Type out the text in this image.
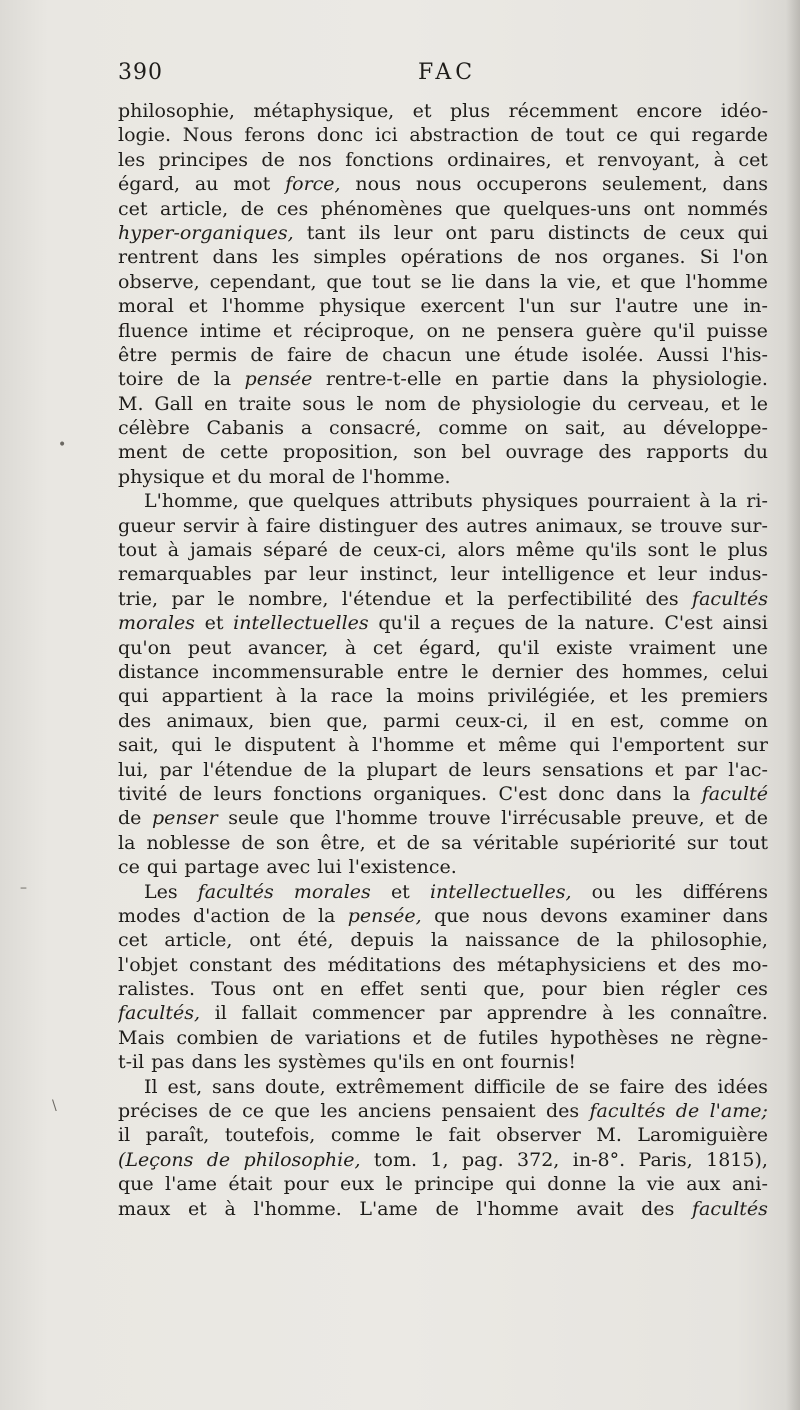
390	FAC
philosophie, métaphysique, et plus récemment encore idéo-
logie. Nous ferons donc ici abstraction de tout ce qui regarde
les principes de nos fonctions ordinaires, et renvoyant, à cet
égard, au mot force, nous nous occuperons seulement, dans
cet article, de ces phénomènes que quelques-uns ont nommés
hyper-organiques, tant ils leur ont paru distincts de ceux qui
rentrent dans les simples opérations de nos organes. Si l'on
observe, cependant, que tout se lie dans la vie, et que l'homme
moral et l'homme physique exercent l'un sur l'autre une in-
fluence intime et réciproque, on ne pensera guère qu'il puisse
être permis de faire de chacun une étude isolée. Aussi l'his-
toire de la pensée rentre-t-elle en partie dans la physiologie.
M. Gall en traite sous le nom de physiologie du cerveau, et le
célèbre Cabanis a consacré, comme on sait, au développe-
ment de cette proposition, son bel ouvrage des rapports du
physique et du moral de l'homme.
L'homme, que quelques attributs physiques pourraient à la ri-
gueur servir à faire distinguer des autres animaux, se trouve sur-
tout à jamais séparé de ceux-ci, alors même qu'ils sont le plus
remarquables par leur instinct, leur intelligence et leur indus-
trie, par le nombre, l'étendue et la perfectibilité des facultés
morales et intellectuelles qu'il a reçues de la nature. C'est ainsi
qu'on peut avancer, à cet égard, qu'il existe vraiment une
distance incommensurable entre le dernier des hommes, celui
qui appartient à la race la moins privilégiée, et les premiers
des animaux, bien que, parmi ceux-ci, il en est, comme on
sait, qui le disputent à l'homme et même qui l'emportent sur
lui, par l'étendue de la plupart de leurs sensations et par l'ac-
tivité de leurs fonctions organiques. C'est donc dans la faculté
de penser seule que l'homme trouve l'irrécusable preuve, et de
la noblesse de son être, et de sa véritable supériorité sur tout
ce qui partage avec lui l'existence.
Les facultés morales et intellectuelles, ou les différens
modes d'action de la pensée, que nous devons examiner dans
cet article, ont été, depuis la naissance de la philosophie,
l'objet constant des méditations des métaphysiciens et des mo-
ralistes. Tous ont en effet senti que, pour bien régler ces
facultés, il fallait commencer par apprendre à les connaître.
Mais combien de variations et de futiles hypothèses ne règne-
t-il pas dans les systèmes qu'ils en ont fournis!
Il est, sans doute, extrêmement difficile de se faire des idées
précises de ce que les anciens pensaient des facultés de l'ame;
il paraît, toutefois, comme le fait observer M. Laromiguière
(Leçons de philosophie, tom. 1, pag. 372, in-8°. Paris, 1815),
que l'ame était pour eux le principe qui donne la vie aux ani-
maux et à l'homme. L'ame de l'homme avait des facultés
•
–
\
